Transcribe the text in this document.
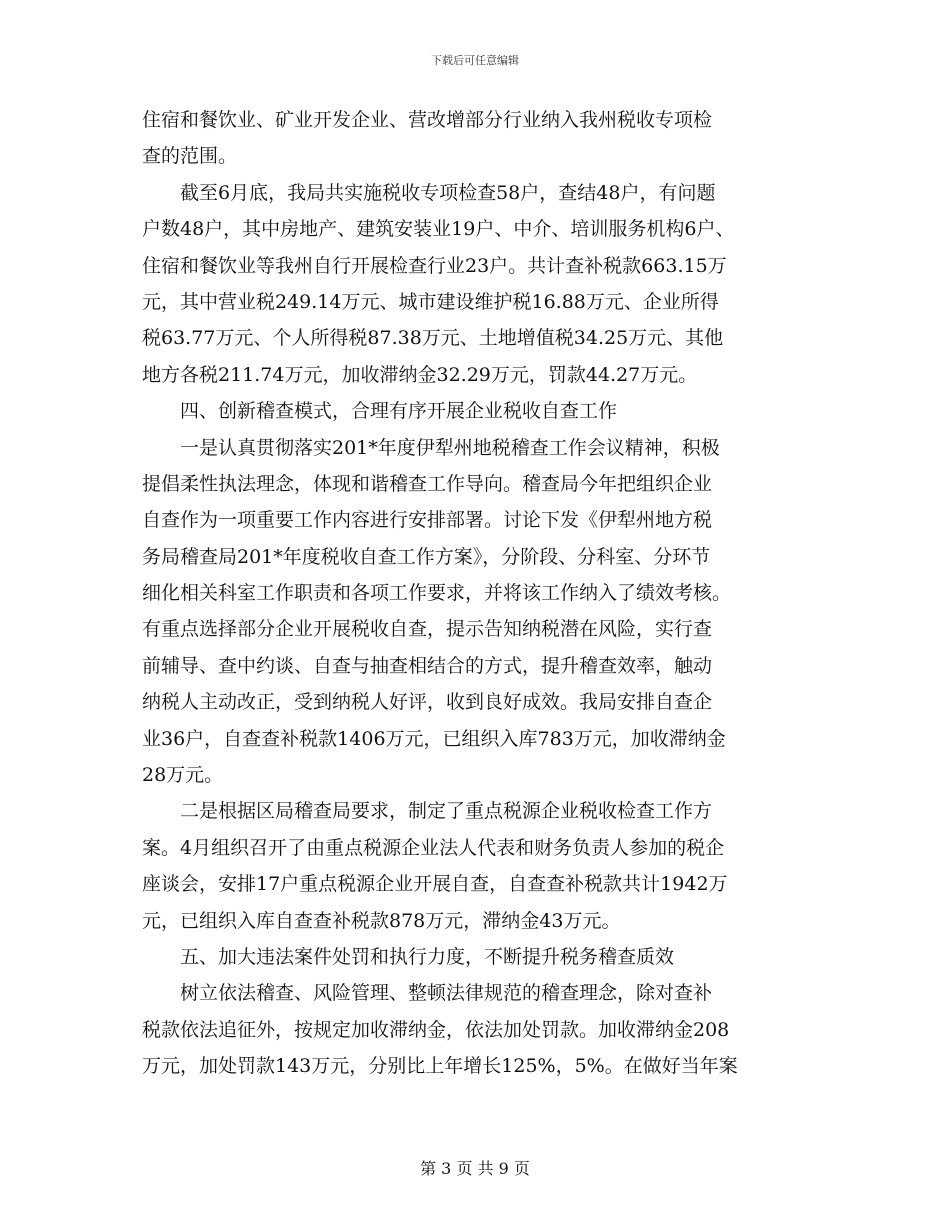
下载后可任意编辑
住宿和餐饮业、矿业开发企业、营改增部分行业纳入我州税收专项检
查的范围。
　　截至6月底，我局共实施税收专项检查58户，查结48户，有问题
户数48户，其中房地产、建筑安装业19户、中介、培训服务机构6户、
住宿和餐饮业等我州自行开展检查行业23户。共计查补税款663.15万
元，其中营业税249.14万元、城市建设维护税16.88万元、企业所得
税63.77万元、个人所得税87.38万元、土地增值税34.25万元、其他
地方各税211.74万元，加收滞纳金32.29万元，罚款44.27万元。
　　四、创新稽查模式，合理有序开展企业税收自查工作
　　一是认真贯彻落实201*年度伊犁州地税稽查工作会议精神，积极
提倡柔性执法理念，体现和谐稽查工作导向。稽查局今年把组织企业
自查作为一项重要工作内容进行安排部署。讨论下发《伊犁州地方税
务局稽查局201*年度税收自查工作方案》，分阶段、分科室、分环节
细化相关科室工作职责和各项工作要求，并将该工作纳入了绩效考核。
有重点选择部分企业开展税收自查，提示告知纳税潜在风险，实行查
前辅导、查中约谈、自查与抽查相结合的方式，提升稽查效率，触动
纳税人主动改正，受到纳税人好评，收到良好成效。我局安排自查企
业36户，自查查补税款1406万元，已组织入库783万元，加收滞纳金
28万元。
　　二是根据区局稽查局要求，制定了重点税源企业税收检查工作方
案。4月组织召开了由重点税源企业法人代表和财务负责人参加的税企
座谈会，安排17户重点税源企业开展自查，自查查补税款共计1942万
元，已组织入库自查查补税款878万元，滞纳金43万元。
　　五、加大违法案件处罚和执行力度，不断提升税务稽查质效
　　树立依法稽查、风险管理、整顿法律规范的稽查理念，除对查补
税款依法追征外，按规定加收滞纳金，依法加处罚款。加收滞纳金208
万元，加处罚款143万元，分别比上年增长125%，5%。在做好当年案
第 3 页 共 9 页
